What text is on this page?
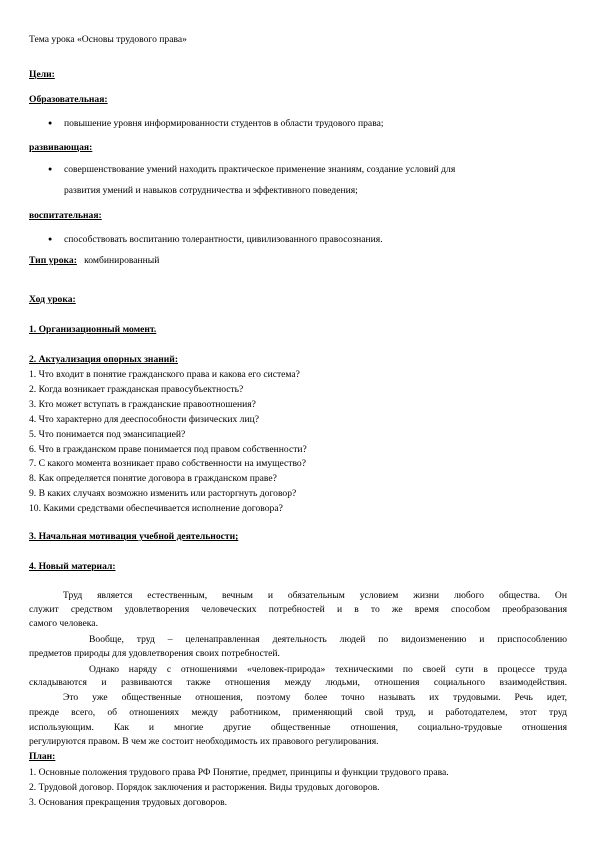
Тема урока «Основы трудового права»
Цели:
Образовательная:
● повышение уровня информированности студентов в области трудового права;
развивающая:
● совершенствование умений находить практическое применение знаниям, создание условий для
развития умений и навыков сотрудничества и эффективного поведения;
воспитательная:
● способствовать воспитанию толерантности, цивилизованного правосознания.
Тип урока: комбинированный
Ход урока:
1. Организационный момент.
2. Актуализация опорных знаний:
1. Что входит в понятие гражданского права и какова его система?
2. Когда возникает гражданская правосубъектность?
3. Кто может вступать в гражданские правоотношения?
4. Что характерно для дееспособности физических лиц?
5. Что понимается под эмансипацией?
6. Что в гражданском праве понимается под правом собственности?
7. С какого момента возникает право собственности на имущество?
8. Как определяется понятие договора в гражданском праве?
9. В каких случаях возможно изменить или расторгнуть договор?
10. Какими средствами обеспечивается исполнение договора?
3. Начальная мотивация учебной деятельности;
4. Новый материал:
Труд является естественным, вечным и обязательным условием жизни любого общества. Он
служит средством удовлетворения человеческих потребностей и в то же время способом преобразования
самого человека.
Вообще, труд – целенаправленная деятельность людей по видоизменению и приспособлению
предметов природы для удовлетворения своих потребностей.
Однако наряду с отношениями «человек-природа» техническими по своей сути в процессе труда
складываются и развиваются также отношения между людьми, отношения социального взаимодействия.
Это уже общественные отношения, поэтому более точно называть их трудовыми. Речь идет,
прежде всего, об отношениях между работником, применяющий свой труд, и работодателем, этот труд
использующим. Как и многие другие общественные отношения, социально-трудовые отношения
регулируются правом. В чем же состоит необходимость их правового регулирования.
План:
1. Основные положения трудового права РФ Понятие, предмет, принципы и функции трудового права.
2. Трудовой договор. Порядок заключения и расторжения. Виды трудовых договоров.
3. Основания прекращения трудовых договоров.
